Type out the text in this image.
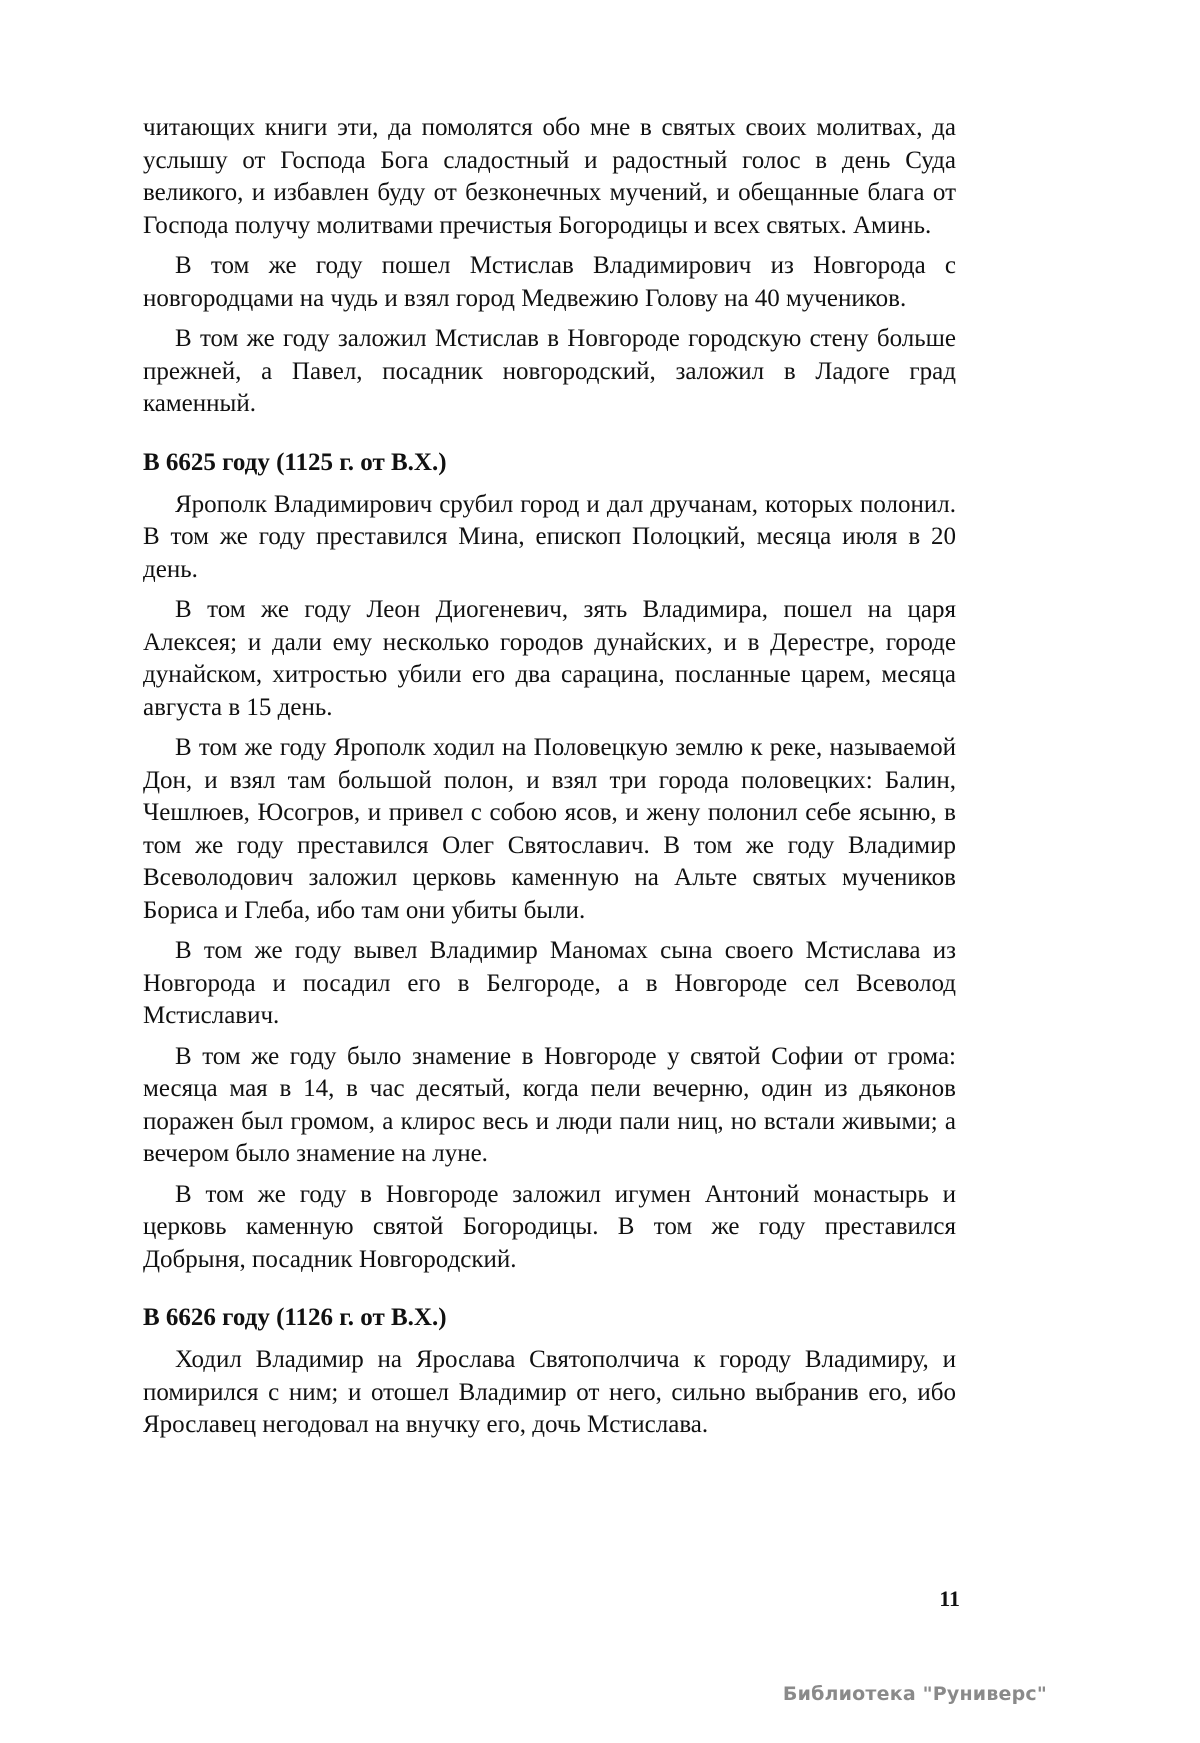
читающих книги эти, да помолятся обо мне в святых своих молитвах, да услышу от Господа Бога сладостный и радостный голос в день Суда великого, и избавлен буду от безконечных мучений, и обещанные блага от Господа получу молитвами пречистыя Богородицы и всех святых. Аминь.

В том же году пошел Мстислав Владимирович из Новгорода с новгородцами на чудь и взял город Медвежию Голову на 40 мучеников.

В том же году заложил Мстислав в Новгороде городскую стену больше прежней, а Павел, посадник новгородский, заложил в Ладоге град каменный.

В 6625 году (1125 г. от В.Х.)

Ярополк Владимирович срубил город и дал дручанам, которых полонил. В том же году преставился Мина, епископ Полоцкий, месяца июля в 20 день.

В том же году Леон Диогеневич, зять Владимира, пошел на царя Алексея; и дали ему несколько городов дунайских, и в Дерестре, городе дунайском, хитростью убили его два сарацина, посланные царем, месяца августа в 15 день.

В том же году Ярополк ходил на Половецкую землю к реке, называемой Дон, и взял там большой полон, и взял три города половецких: Балин, Чешлюев, Юсогров, и привел с собою ясов, и жену полонил себе ясыню, в том же году преставился Олег Святославич. В том же году Владимир Всеволодович заложил церковь каменную на Альте святых мучеников Бориса и Глеба, ибо там они убиты были.

В том же году вывел Владимир Маномах сына своего Мстислава из Новгорода и посадил его в Белгороде, а в Новгороде сел Всеволод Мстиславич.

В том же году было знамение в Новгороде у святой Софии от грома: месяца мая в 14, в час десятый, когда пели вечерню, один из дьяконов поражен был громом, а клирос весь и люди пали ниц, но встали живыми; а вечером было знамение на луне.

В том же году в Новгороде заложил игумен Антоний монастырь и церковь каменную святой Богородицы. В том же году преставился Добрыня, посадник Новгородский.

В 6626 году (1126 г. от В.Х.)

Ходил Владимир на Ярослава Святополчича к городу Владимиру, и помирился с ним; и отошел Владимир от него, сильно выбранив его, ибо Ярославец негодовал на внучку его, дочь Мстислава.

11
Библиотека "Руниверс"
